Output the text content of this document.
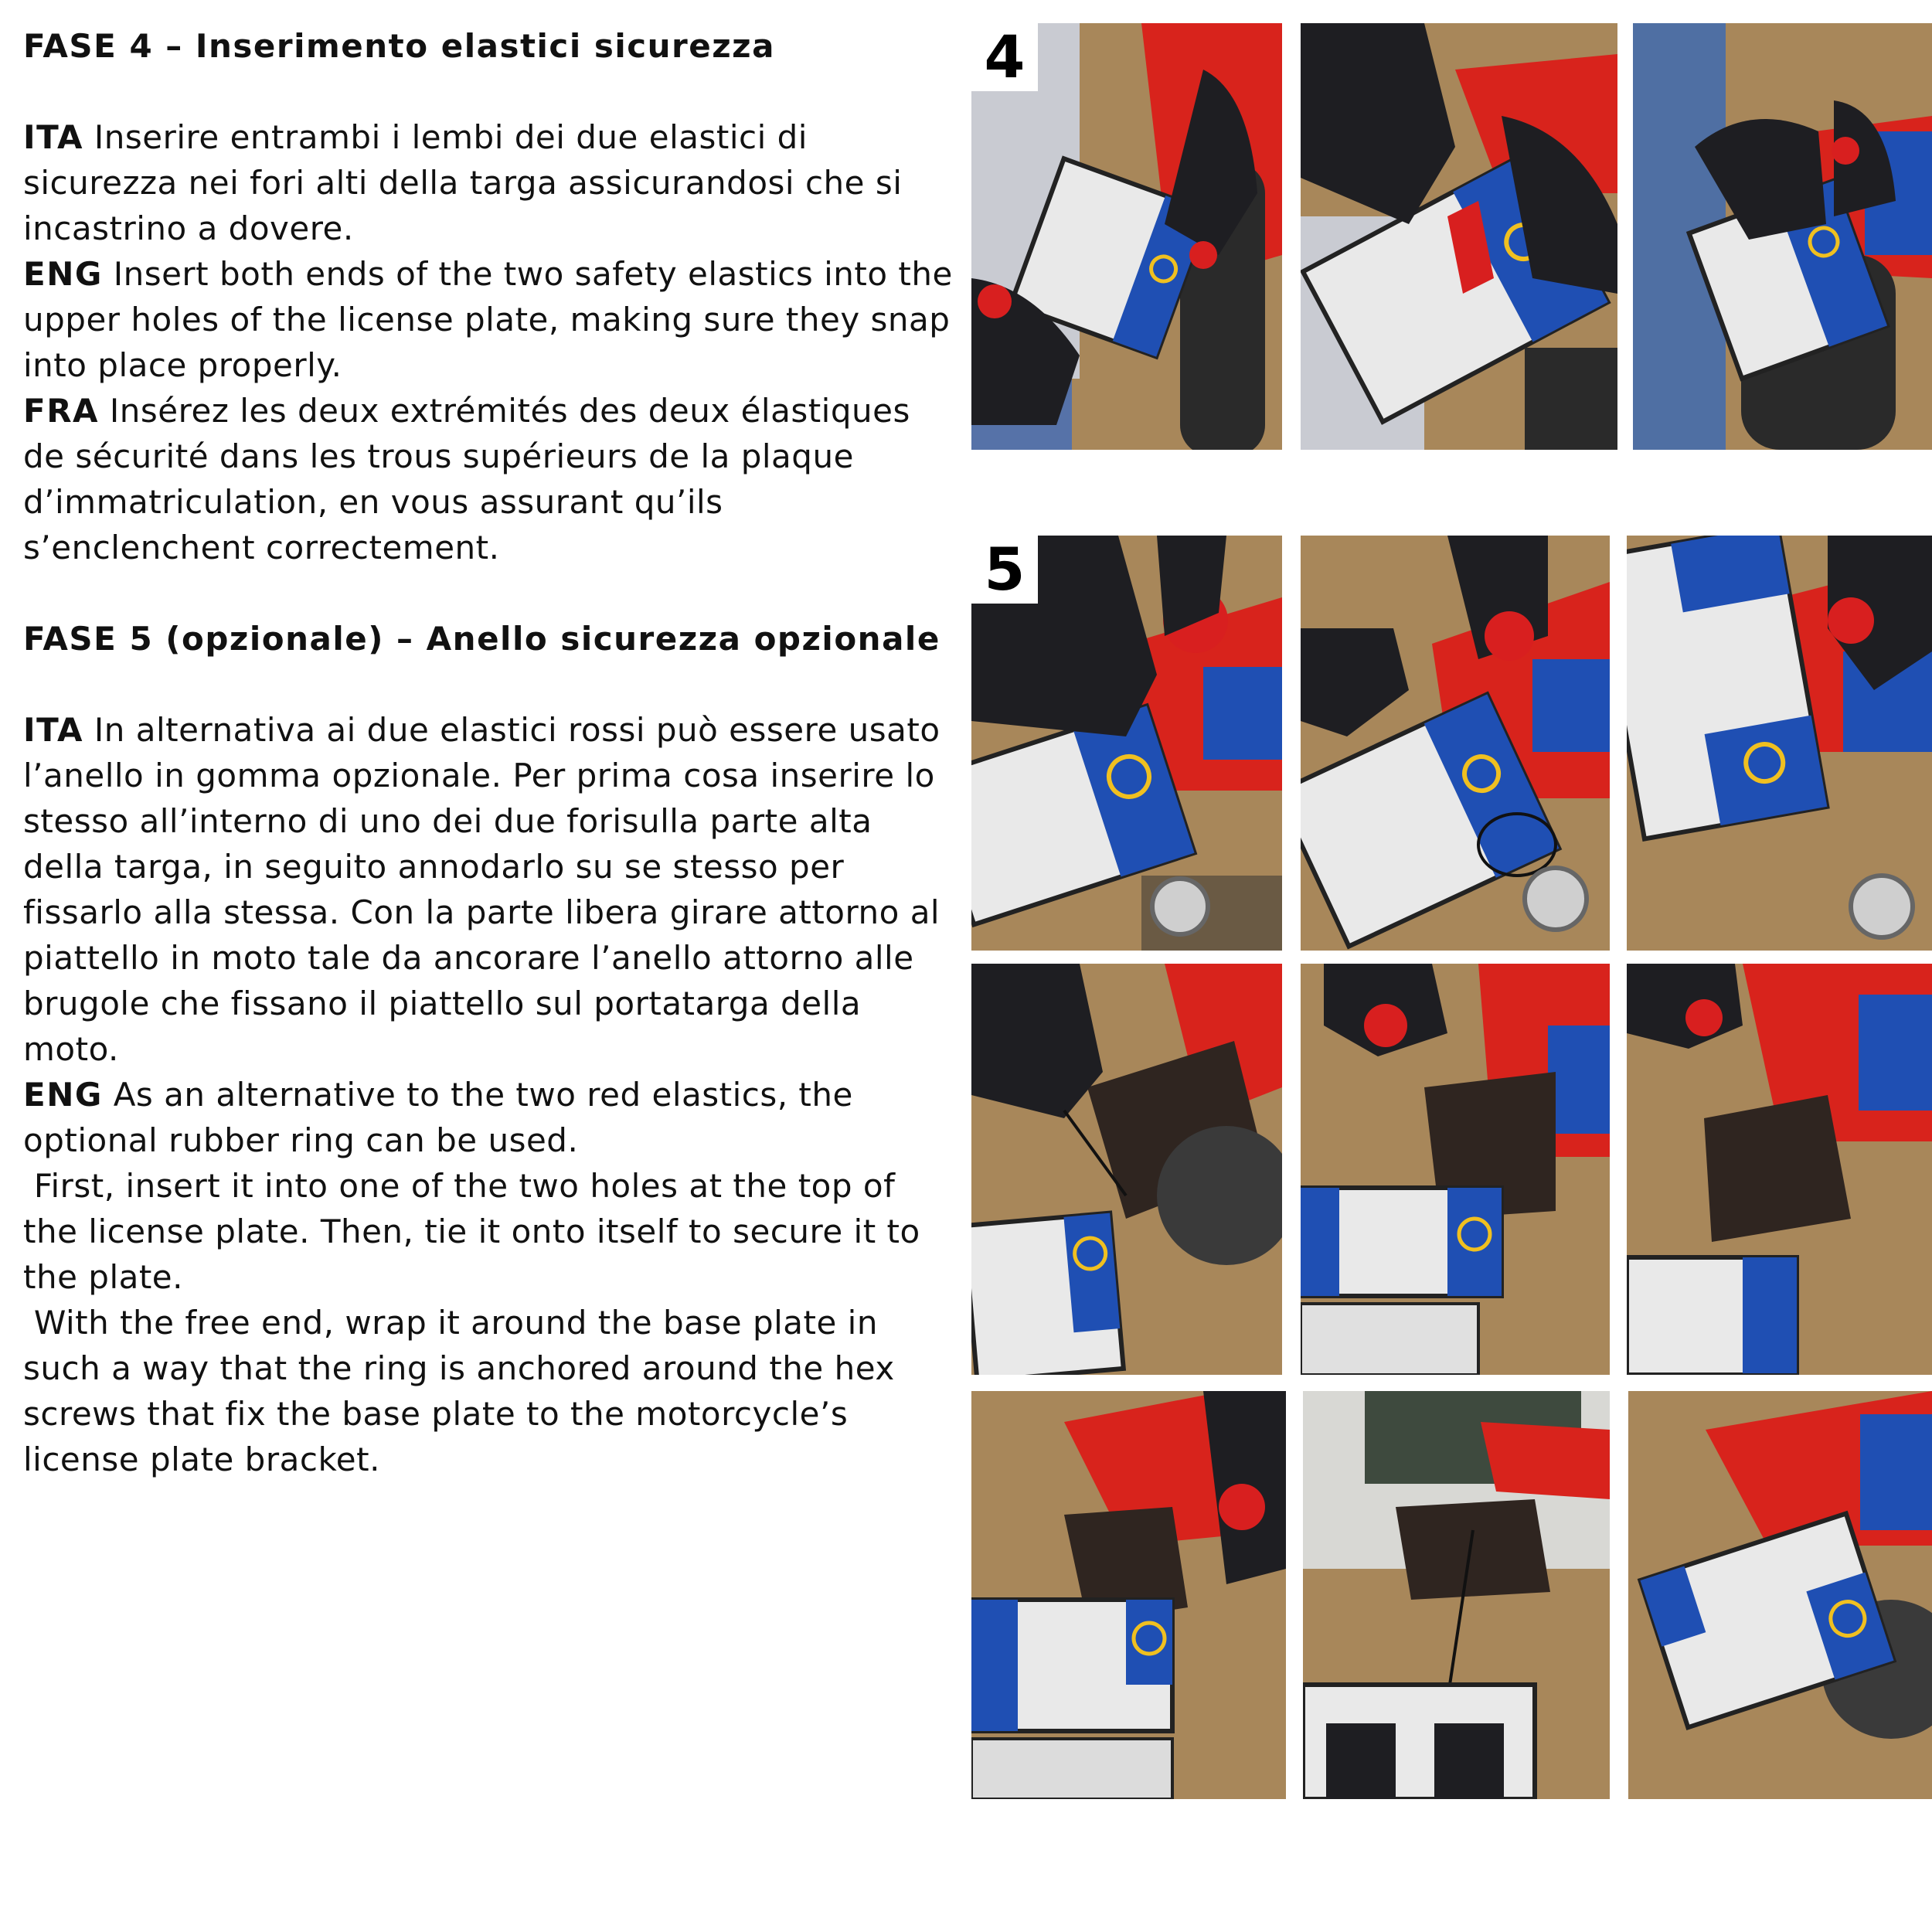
FASE 4 – Inserimento elastici sicurezza

ITA Inserire entrambi i lembi dei due elastici di sicurezza nei fori alti della targa assicurandosi che si incastrino a dovere.

ENG Insert both ends of the two safety elastics into the upper holes of the license plate, making sure they snap into place properly.

FRA Insérez les deux extrémités des deux élastiques de sécurité dans les trous supérieurs de la plaque d’immatriculation, en vous assurant qu’ils s’enclenchent correctement.

FASE 5 (opzionale) – Anello sicurezza opzionale

ITA In alternativa ai due elastici rossi può essere usato l’anello in gomma opzionale. Per prima cosa inserire lo stesso all’interno di uno dei due forisulla parte alta della targa, in seguito annodarlo su se stesso per fissarlo alla stessa. Con la parte libera girare attorno al piattello in moto tale da ancorare l’anello attorno alle brugole che fissano il piattello sul portatarga della moto.

ENG As an alternative to the two red elastics, the optional rubber ring can be used.

First, insert it into one of the two holes at the top of the license plate. Then, tie it onto itself to secure it to the plate.

With the free end, wrap it around the base plate in such a way that the ring is anchored around the hex screws that fix the base plate to the motorcycle’s license plate bracket.

4
5
